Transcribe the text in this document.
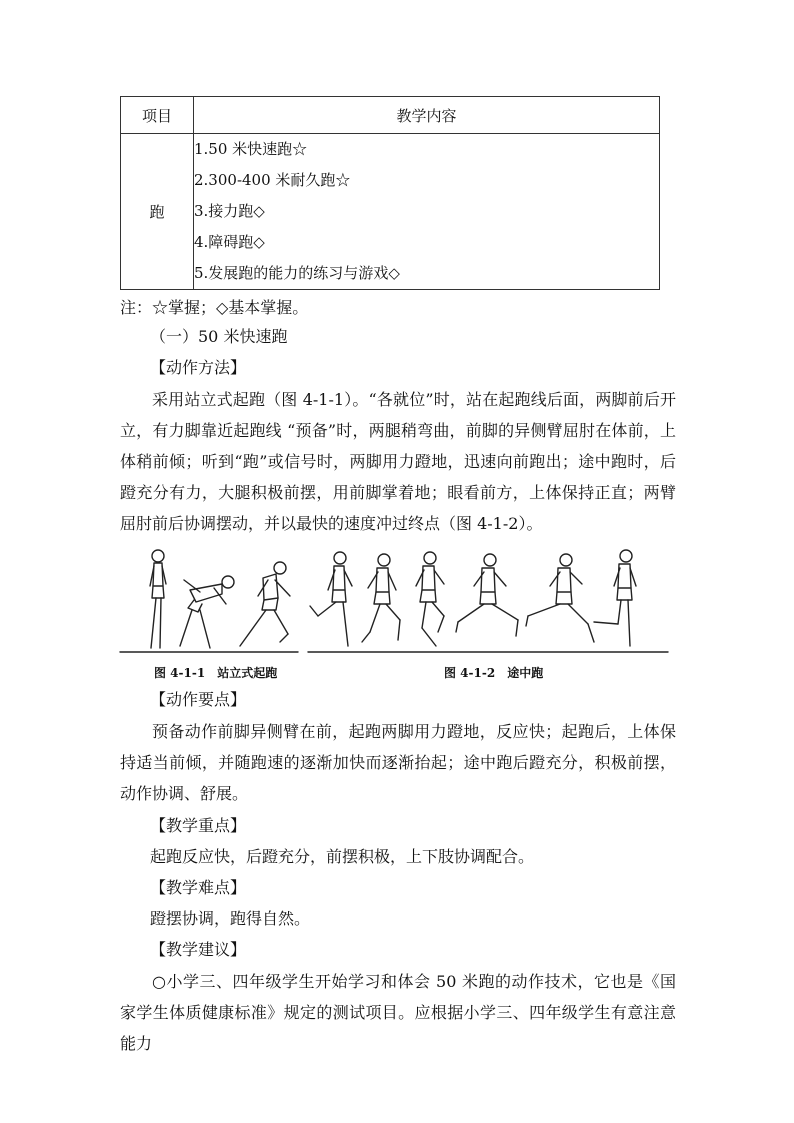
项目	教学内容
跑	1.50 米快速跑☆
2.300-400 米耐久跑☆
3.接力跑◇
4.障碍跑◇
5.发展跑的能力的练习与游戏◇
注：☆掌握；◇基本掌握。
（一）50 米快速跑
【动作方法】

采用站立式起跑（图 4-1-1）。“各就位”时，站在起跑线后面，两脚前后开立，有力脚靠近起跑线 “预备”时，两腿稍弯曲，前脚的异侧臂屈肘在体前，上体稍前倾；听到“跑”或信号时，两脚用力蹬地，迅速向前跑出；途中跑时，后蹬充分有力，大腿积极前摆，用前脚掌着地；眼看前方，上体保持正直；两臂屈肘前后协调摆动，并以最快的速度冲过终点（图 4-1-2）。

图 4-1-1　站立式起跑	图 4-1-2　途中跑
【动作要点】

预备动作前脚异侧臂在前，起跑两脚用力蹬地，反应快；起跑后，上体保持适当前倾，并随跑速的逐渐加快而逐渐抬起；途中跑后蹬充分，积极前摆，动作协调、舒展。

【教学重点】
起跑反应快，后蹬充分，前摆积极，上下肢协调配合。
【教学难点】
蹬摆协调，跑得自然。
【教学建议】

○小学三、四年级学生开始学习和体会 50 米跑的动作技术，它也是《国家学生体质健康标准》规定的测试项目。应根据小学三、四年级学生有意注意能力
